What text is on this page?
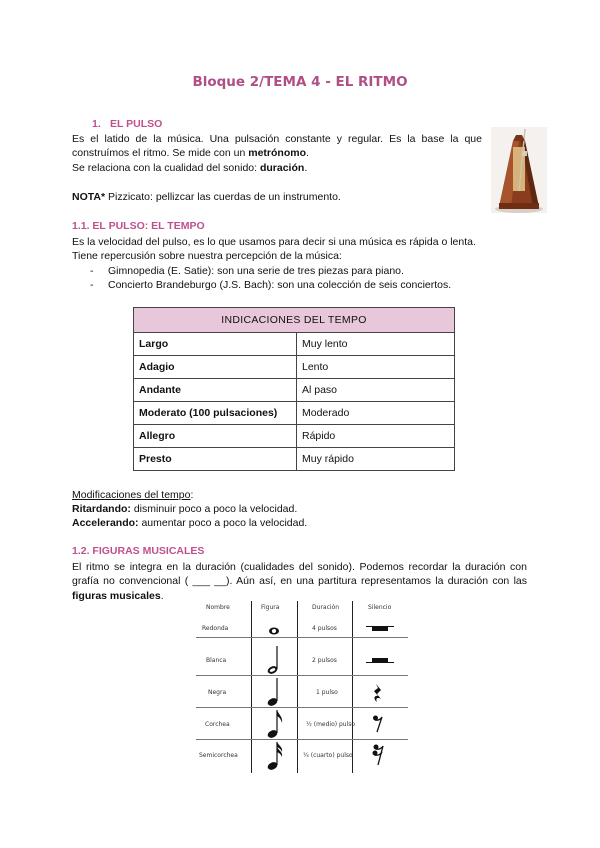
Bloque 2/TEMA 4 - EL RITMO
1. EL PULSO
Es el latido de la música. Una pulsación constante y regular. Es la base la que construímos el ritmo. Se mide con un metrónomo.
Se relaciona con la cualidad del sonido: duración.
NOTA* Pizzicato: pellizcar las cuerdas de un instrumento.
1.1. EL PULSO: EL TEMPO
Es la velocidad del pulso, es lo que usamos para decir si una música es rápida o lenta.
Tiene repercusión sobre nuestra percepción de la música:
- Gimnopedia (E. Satie): son una serie de tres piezas para piano.
- Concierto Brandeburgo (J.S. Bach): son una colección de seis conciertos.
INDICACIONES DEL TEMPO	
Largo	Muy lento
Adagio	Lento
Andante	Al paso
Moderato (100 pulsaciones)	Moderado
Allegro	Rápido
Presto	Muy rápido
Modificaciones del tempo:
Ritardando: disminuir poco a poco la velocidad.
Accelerando: aumentar poco a poco la velocidad.
1.2. FIGURAS MUSICALES
El ritmo se integra en la duración (cualidades del sonido). Podemos recordar la duración con grafía no convencional ( ___ __). Aún así, en una partitura representamos la duración con las figuras musicales.
Nombre	Figura	Duración	Silencio
Redonda	4 pulsos
Blanca	2 pulsos
Negra	1 pulso
Corchea	½ (medio) pulso
Semicorchea	¼ (cuarto) pulso
